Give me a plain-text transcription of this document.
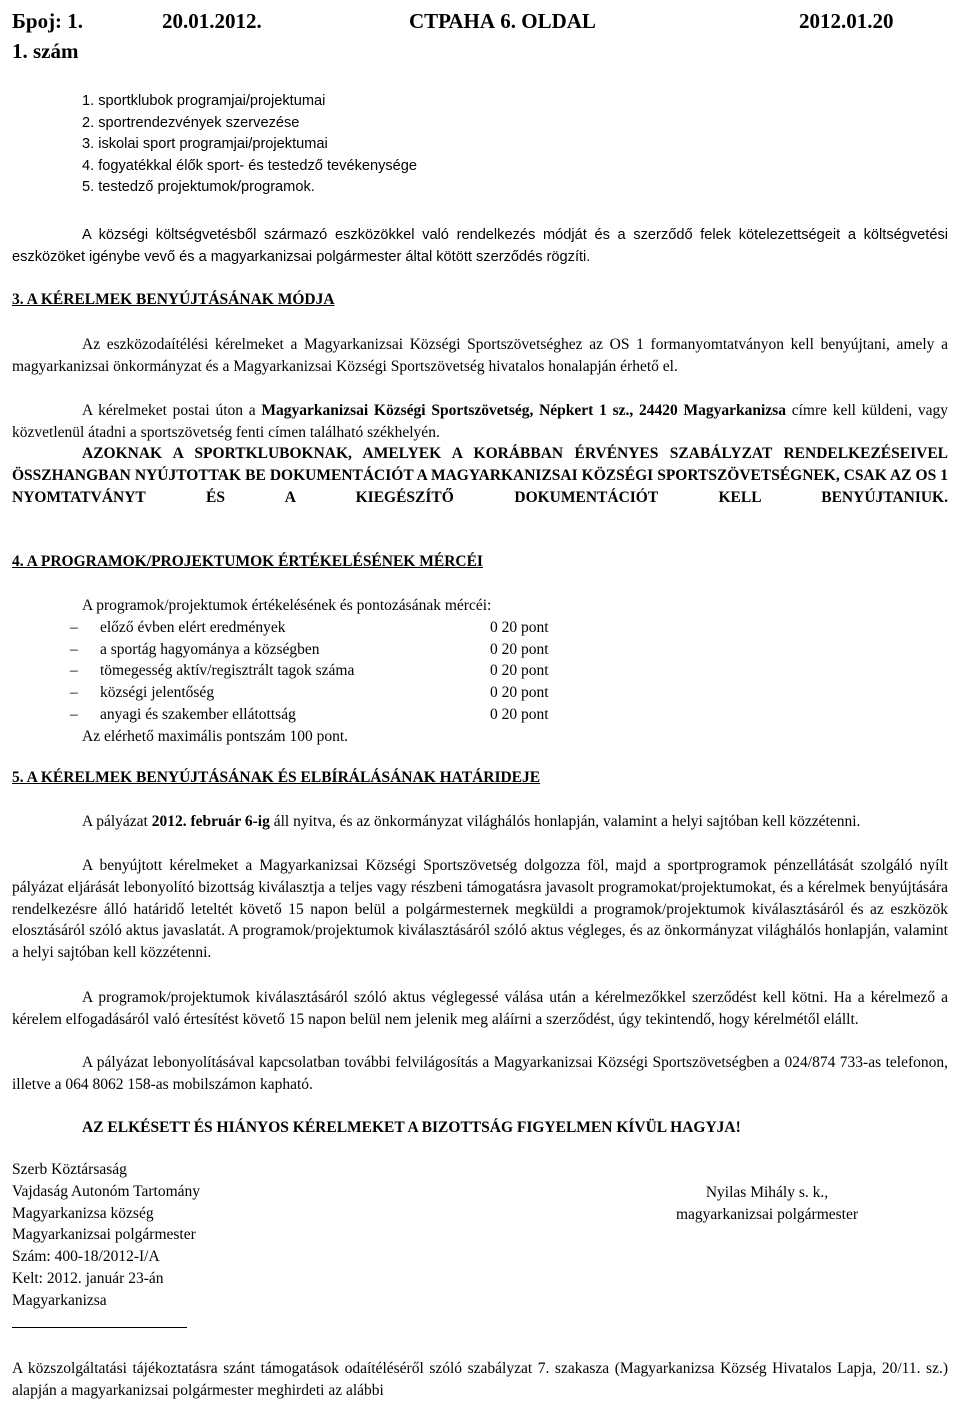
Број: 1.
1. szám
20.01.2012.	СТРАНА 6. OLDAL	2012.01.20
1. sportklubok programjai/projektumai
2. sportrendezvények szervezése
3. iskolai sport programjai/projektumai
4. fogyatékkal élők sport- és testedző tevékenysége
5. testedző projektumok/programok.
A községi költségvetésből származó eszközökkel való rendelkezés módját és a szerződő felek kötelezettségeit a költségvetési eszközöket igénybe vevő és a magyarkanizsai polgármester által kötött szerződés rögzíti.
3. A KÉRELMEK BENYÚJTÁSÁNAK MÓDJA
Az eszközodaítélési kérelmeket a Magyarkanizsai Községi Sportszövetséghez az OS 1 formanyomtatványon kell benyújtani, amely a magyarkanizsai önkormányzat és a Magyarkanizsai Községi Sportszövetség hivatalos honalapján érhető el.
A kérelmeket postai úton a Magyarkanizsai Községi Sportszövetség, Népkert 1 sz., 24420 Magyarkanizsa címre kell küldeni, vagy közvetlenül átadni a sportszövetség fenti címen található székhelyén.
AZOKNAK A SPORTKLUBOKNAK, AMELYEK A KORÁBBAN ÉRVÉNYES SZABÁLYZAT RENDELKEZÉSEIVEL ÖSSZHANGBAN NYÚJTOTTAK BE DOKUMENTÁCIÓT A MAGYARKANIZSAI KÖZSÉGI SPORTSZÖVETSÉGNEK, CSAK AZ OS 1 NYOMTATVÁNYT ÉS A KIEGÉSZÍTŐ DOKUMENTÁCIÓT KELL BENYÚJTANIUK.
4. A PROGRAMOK/PROJEKTUMOK ÉRTÉKELÉSÉNEK MÉRCÉI
A programok/projektumok értékelésének és pontozásának mércéi:
–	előző évben elért eredmények	0 20 pont
–	a sportág hagyománya a községben	0 20 pont
–	tömegesség aktív/regisztrált tagok száma	0 20 pont
–	községi jelentőség	0 20 pont
–	anyagi és szakember ellátottság	0 20 pont
Az elérhető maximális pontszám 100 pont.
5. A KÉRELMEK BENYÚJTÁSÁNAK ÉS ELBÍRÁLÁSÁNAK HATÁRIDEJE
A pályázat 2012. február 6-ig áll nyitva, és az önkormányzat világhálós honlapján, valamint a helyi sajtóban kell közzétenni.
A benyújtott kérelmeket a Magyarkanizsai Községi Sportszövetség dolgozza föl, majd a sportprogramok pénzellátását szolgáló nyílt pályázat eljárását lebonyolító bizottság kiválasztja a teljes vagy részbeni támogatásra javasolt programokat/projektumokat, és a kérelmek benyújtására rendelkezésre álló határidő leteltét követő 15 napon belül a polgármesternek megküldi a programok/projektumok kiválasztásáról és az eszközök elosztásáról szóló aktus javaslatát. A programok/projektumok kiválasztásáról szóló aktus végleges, és az önkormányzat világhálós honlapján, valamint a helyi sajtóban kell közzétenni.
A programok/projektumok kiválasztásáról szóló aktus véglegessé válása után a kérelmezőkkel szerződést kell kötni. Ha a kérelmező a kérelem elfogadásáról való értesítést követő 15 napon belül nem jelenik meg aláírni a szerződést, úgy tekintendő, hogy kérelmétől elállt.
A pályázat lebonyolításával kapcsolatban további felvilágosítás a Magyarkanizsai Községi Sportszövetségben a 024/874 733-as telefonon, illetve a 064 8062 158-as mobilszámon kapható.
AZ ELKÉSETT ÉS HIÁNYOS KÉRELMEKET A BIZOTTSÁG FIGYELMEN KÍVÜL HAGYJA!
Szerb Köztársaság
Vajdaság Autonóm Tartomány
Magyarkanizsa község
Magyarkanizsai polgármester
Szám: 400-18/2012-I/A
Kelt: 2012. január 23-án
Magyarkanizsa
Nyilas Mihály s. k.,
magyarkanizsai polgármester
A közszolgáltatási tájékoztatásra szánt támogatások odaítéléséről szóló szabályzat 7. szakasza (Magyarkanizsa Község Hivatalos Lapja, 20/11. sz.) alapján a magyarkanizsai polgármester meghirdeti az alábbi
